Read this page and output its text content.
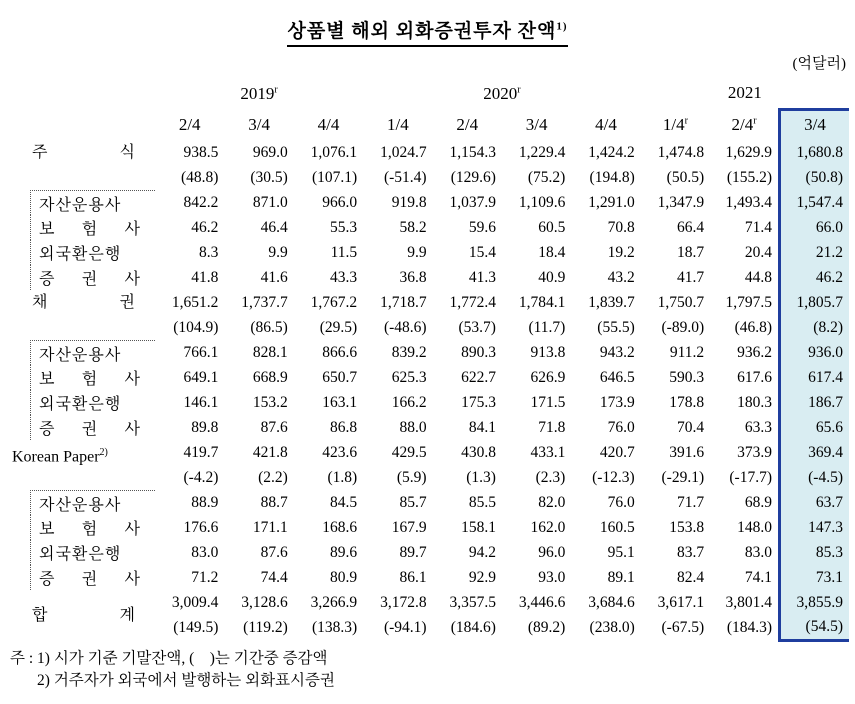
상품별 해외 외화증권투자 잔액$^{1)}$
(억달러)
	2019$^r$			2020$^r$				2021		
	2/4	3/4	4/4	1/4	2/4	3/4	4/4	1/4$^r$	2/4$^r$	3/4

주 식	938.5	969.0	1,076.1	1,024.7	1,154.3	1,229.4	1,424.2	1,474.8	1,629.9	1,680.8
	(48.8)	(30.5)	(107.1)	(-51.4)	(129.6)	(75.2)	(194.8)	(50.5)	(155.2)	(50.8)

자산운용사	842.2	871.0	966.0	919.8	1,037.9	1,109.6	1,291.0	1,347.9	1,493.4	1,547.4

보 험 사	46.2	46.4	55.3	58.2	59.6	60.5	70.8	66.4	71.4	66.0

외국환은행	8.3	9.9	11.5	9.9	15.4	18.4	19.2	18.7	20.4	21.2

증 권 사	41.8	41.6	43.3	36.8	41.3	40.9	43.2	41.7	44.8	46.2

채 권	1,651.2	1,737.7	1,767.2	1,718.7	1,772.4	1,784.1	1,839.7	1,750.7	1,797.5	1,805.7
	(104.9)	(86.5)	(29.5)	(-48.6)	(53.7)	(11.7)	(55.5)	(-89.0)	(46.8)	(8.2)

자산운용사	766.1	828.1	866.6	839.2	890.3	913.8	943.2	911.2	936.2	936.0

보 험 사	649.1	668.9	650.7	625.3	622.7	626.9	646.5	590.3	617.6	617.4

외국환은행	146.1	153.2	163.1	166.2	175.3	171.5	173.9	178.8	180.3	186.7

증 권 사	89.8	87.6	86.8	88.0	84.1	71.8	76.0	70.4	63.3	65.6

Korean Paper$^{2)}$	419.7	421.8	423.6	429.5	430.8	433.1	420.7	391.6	373.9	369.4
	(-4.2)	(2.2)	(1.8)	(5.9)	(1.3)	(2.3)	(-12.3)	(-29.1)	(-17.7)	(-4.5)

자산운용사	88.9	88.7	84.5	85.7	85.5	82.0	76.0	71.7	68.9	63.7

보 험 사	176.6	171.1	168.6	167.9	158.1	162.0	160.5	153.8	148.0	147.3

외국환은행	83.0	87.6	89.6	89.7	94.2	96.0	95.1	83.7	83.0	85.3

증 권 사	71.2	74.4	80.9	86.1	92.9	93.0	89.1	82.4	74.1	73.1

합 계	3,009.4	3,128.6	3,266.9	3,172.8	3,357.5	3,446.6	3,684.6	3,617.1	3,801.4	3,855.9
	(149.5)	(119.2)	(138.3)	(-94.1)	(184.6)	(89.2)	(238.0)	(-67.5)	(184.3)	(54.5)
주 : 1) 시가 기준 기말잔액, (    )는 기간중 증감액
2) 거주자가 외국에서 발행하는 외화표시증권
